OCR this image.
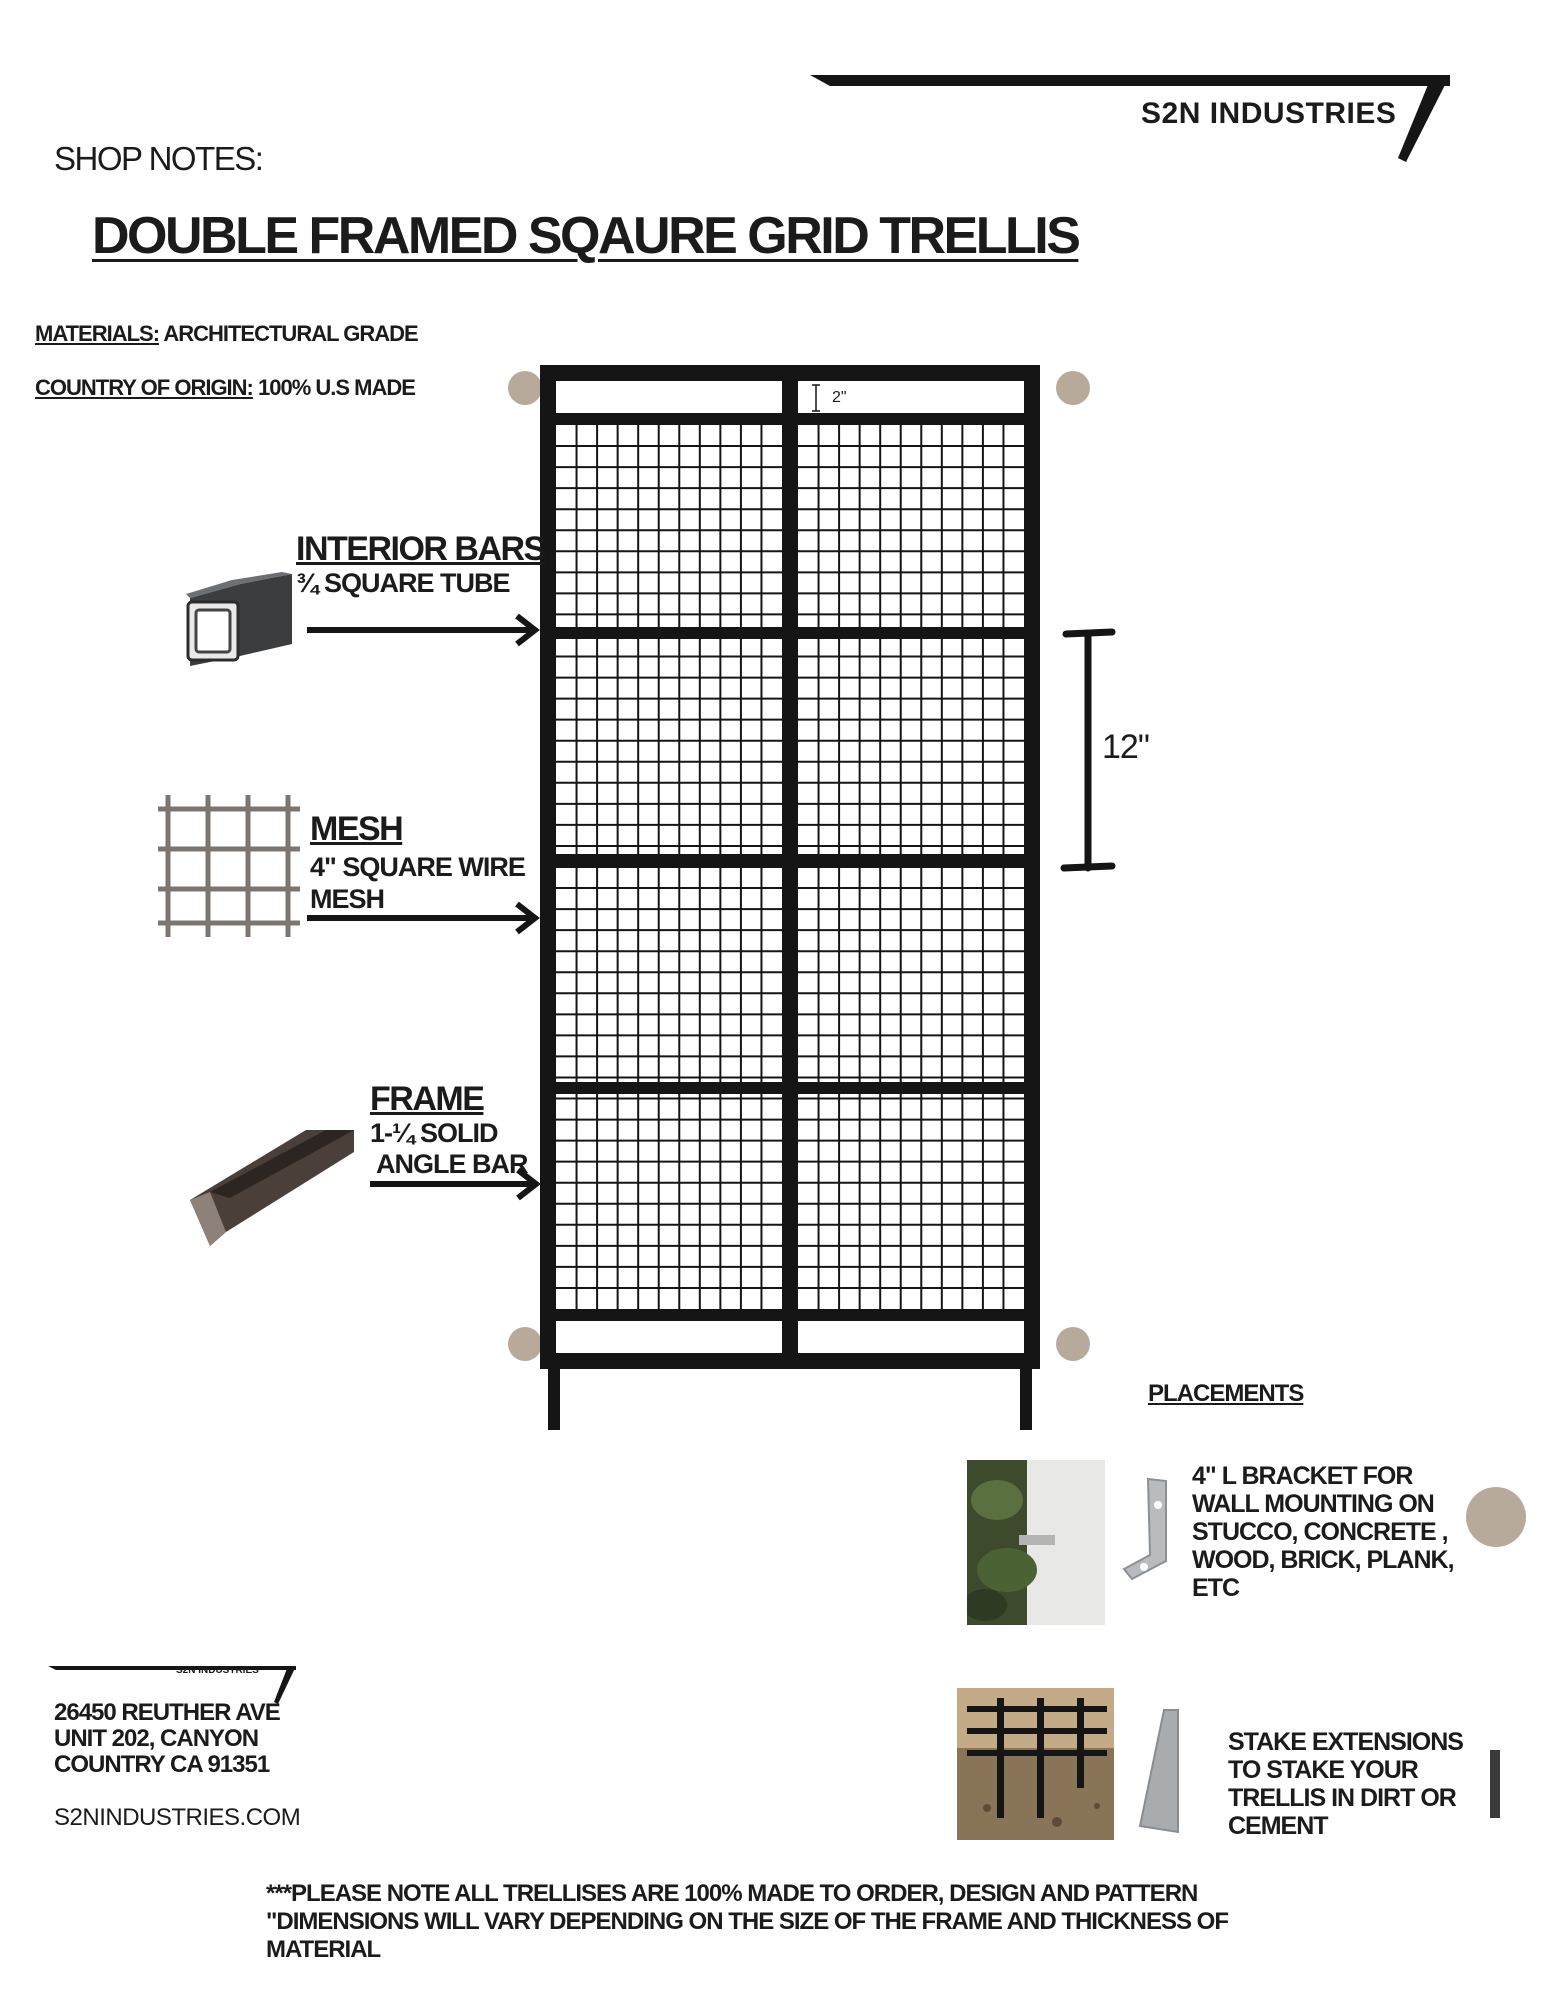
S2N INDUSTRIES
SHOP NOTES:
DOUBLE FRAMED SQAURE GRID TRELLIS
MATERIALS: ARCHITECTURAL GRADE
COUNTRY OF ORIGIN: 100% U.S MADE	2"
12"
INTERIOR BARS
¾ SQUARE TUBE
MESH
4" SQUARE WIRE
MESH
FRAME
1-¼ SOLID
ANGLE BAR
PLACEMENTS
4" L BRACKET FOR WALL MOUNTING ON STUCCO, CONCRETE , WOOD, BRICK, PLANK, ETC
STAKE EXTENSIONS TO STAKE YOUR TRELLIS IN DIRT OR CEMENT
S2N INDUSTRIES
26450 REUTHER AVE
UNIT 202, CANYON
COUNTRY CA 91351
S2NINDUSTRIES.COM
***PLEASE NOTE ALL TRELLISES ARE 100% MADE TO ORDER, DESIGN AND PATTERN
"DIMENSIONS WILL VARY DEPENDING ON THE SIZE OF THE FRAME AND THICKNESS OF
MATERIAL
